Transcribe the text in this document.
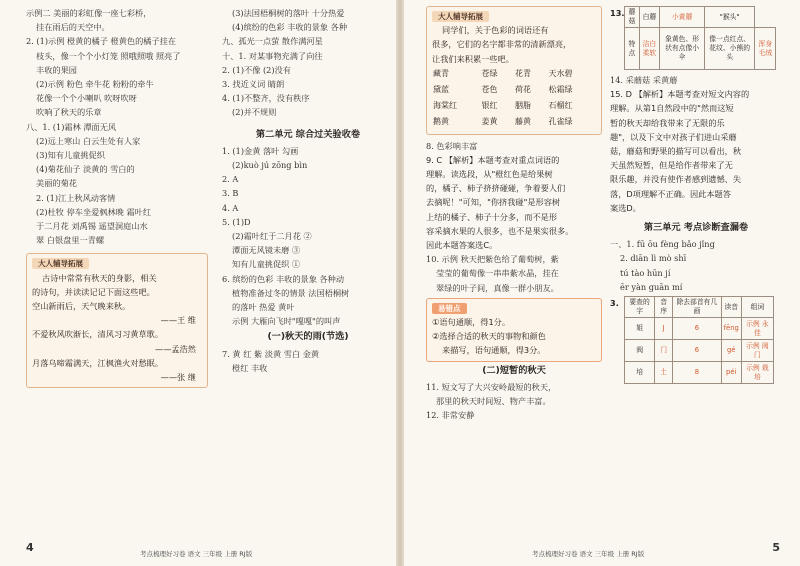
示例二 美丽的彩虹像一座七彩桥，
挂在雨后的天空中。
2. (1)示例 橙黄的橘子 橙黄色的橘子挂在
枝头，像一个个小灯笼 照哦照哦 照亮了
丰收的果园
(2)示例 粉色 牵牛花 粉粉的牵牛
花像一个个小喇叭 吹呀吹呀
吹响了秋天的乐章
八、1. (1)霜林 潭面无风
(2)远上寒山 白云生处有人家
(3)知有儿童挑促织
(4)菊花仙子 淡黄的 雪白的
美丽的菊花
2. (1)江上秋风动客情
(2)杜牧 停车坐爱枫林晚 霜叶红
于二月花 刘禹锡 遥望洞庭山水
翠 白银盘里一青螺
大人辅导拓展
古诗中常常有秋天的身影，相关
的诗句，并读读记记下面这些吧。
空山新雨后，天气晚来秋。
——王 维
不爱秋风吹渐长，清风习习黄草歌。
——孟浩然
月落乌啼霜满天，江枫渔火对愁眠。
——张 继
(3)法国梧桐树的落叶 十分热爱
(4)缤纷的色彩 丰收的景象 各种
九、孤光一点萤 散作满河星
十、1. 对某事物充满了向往
2. (1)不像 (2)没有
3. 找近义词 睛朗
4. (1)不整齐，没有秩序
(2)并不规则
第二单元 综合过关验收卷
1. (1)金黄 落叶 勾画
(2)kuò jú zōng bìn
2. A
3. B
4. A
5. (1)D
(2)霜叶红于二月花 ②
潭面无风镜未磨 ③
知有儿童挑促织 ①
6. 缤纷的色彩 丰收的景象 各种动
植物准备过冬的情景 法国梧桐树
的落叶 热爱 黄叶
示例 大雁向飞时"嘎嘎"的叫声
(一)秋天的雨(节选)
7. 黄 红 紫 淡黄 雪白 金黄
橙红 丰收
4	考点梳理好习卷 语文 三年级 上册 RJ版
大人辅导拓展
同学们，关于色彩的词语还有
很多，它们的名字都非常的清新漂亮，
让我们来积累一些吧。
藏青	苍绿	花青	天水碧
黛蓝	苍色	荷花	松霜绿
海棠红	银红	胭脂	石榴红
鹅黄	姜黄	藤黄	孔雀绿
8. 色彩响丰富
9. C 【解析】本题考查对重点词语的
理解。读选段，从"橙红色是给果树
的，橘子、柿子挤挤碰碰，争着要人们
去摘呢！"可知，"你挤我碰"是形容树
上结的橘子、柿子十分多，而不是形
容采摘水果的人很多，也不是果实很多。
因此本题答案选C。
10. 示例 秋天把紫色给了葡萄树，紫
莹莹的葡萄像一串串紫水晶，挂在
翠绿的叶子间，真像一群小朋友。
易错点
①语句通顺，得1分。
②选择合适的秋天的事物和颜色
来描写，语句通顺，得3分。
(二)短暂的秋天
11. 短文写了大兴安岭最短的秋天，
那里的秋天时间短、物产丰富。
12. 非常安静
13. 蘑菇	白蘑	小黄蘑	"猴头"	
特点	洁白柔软	象黄色、形状有点像小伞	像一点红点、花纹、小熊的头	浑身毛绒
14. 采蘑菇 采黄蘑
15. D 【解析】本题考查对短文内容的
理解。从第1自然段中的"然而这短
暂的秋天却给我带来了无限的乐
趣"，以及下文中对孩子们进山采蘑
菇，蘑菇和野果的描写可以看出，秋
天虽然短暂，但是给作者带来了无
限乐趣，并没有使作者感到遗憾、失
落，D项理解不正确。因此本题答
案选D。
第三单元 考点诊断查漏卷
一、1. fū ōu fèng bǎo jǐng
2. diān lì mò shī
tú tào hūn jí
ēr yàn guān mí
3.	要查的字	音序	除去部首有几画	读音	组词
姐	J	6	fēng	示例 永佳
阀	门	6	gé	示例 阀门
培	土	8	péi	示例 栽培
考点梳理好习卷 语文 三年级 上册 RJ版	5
